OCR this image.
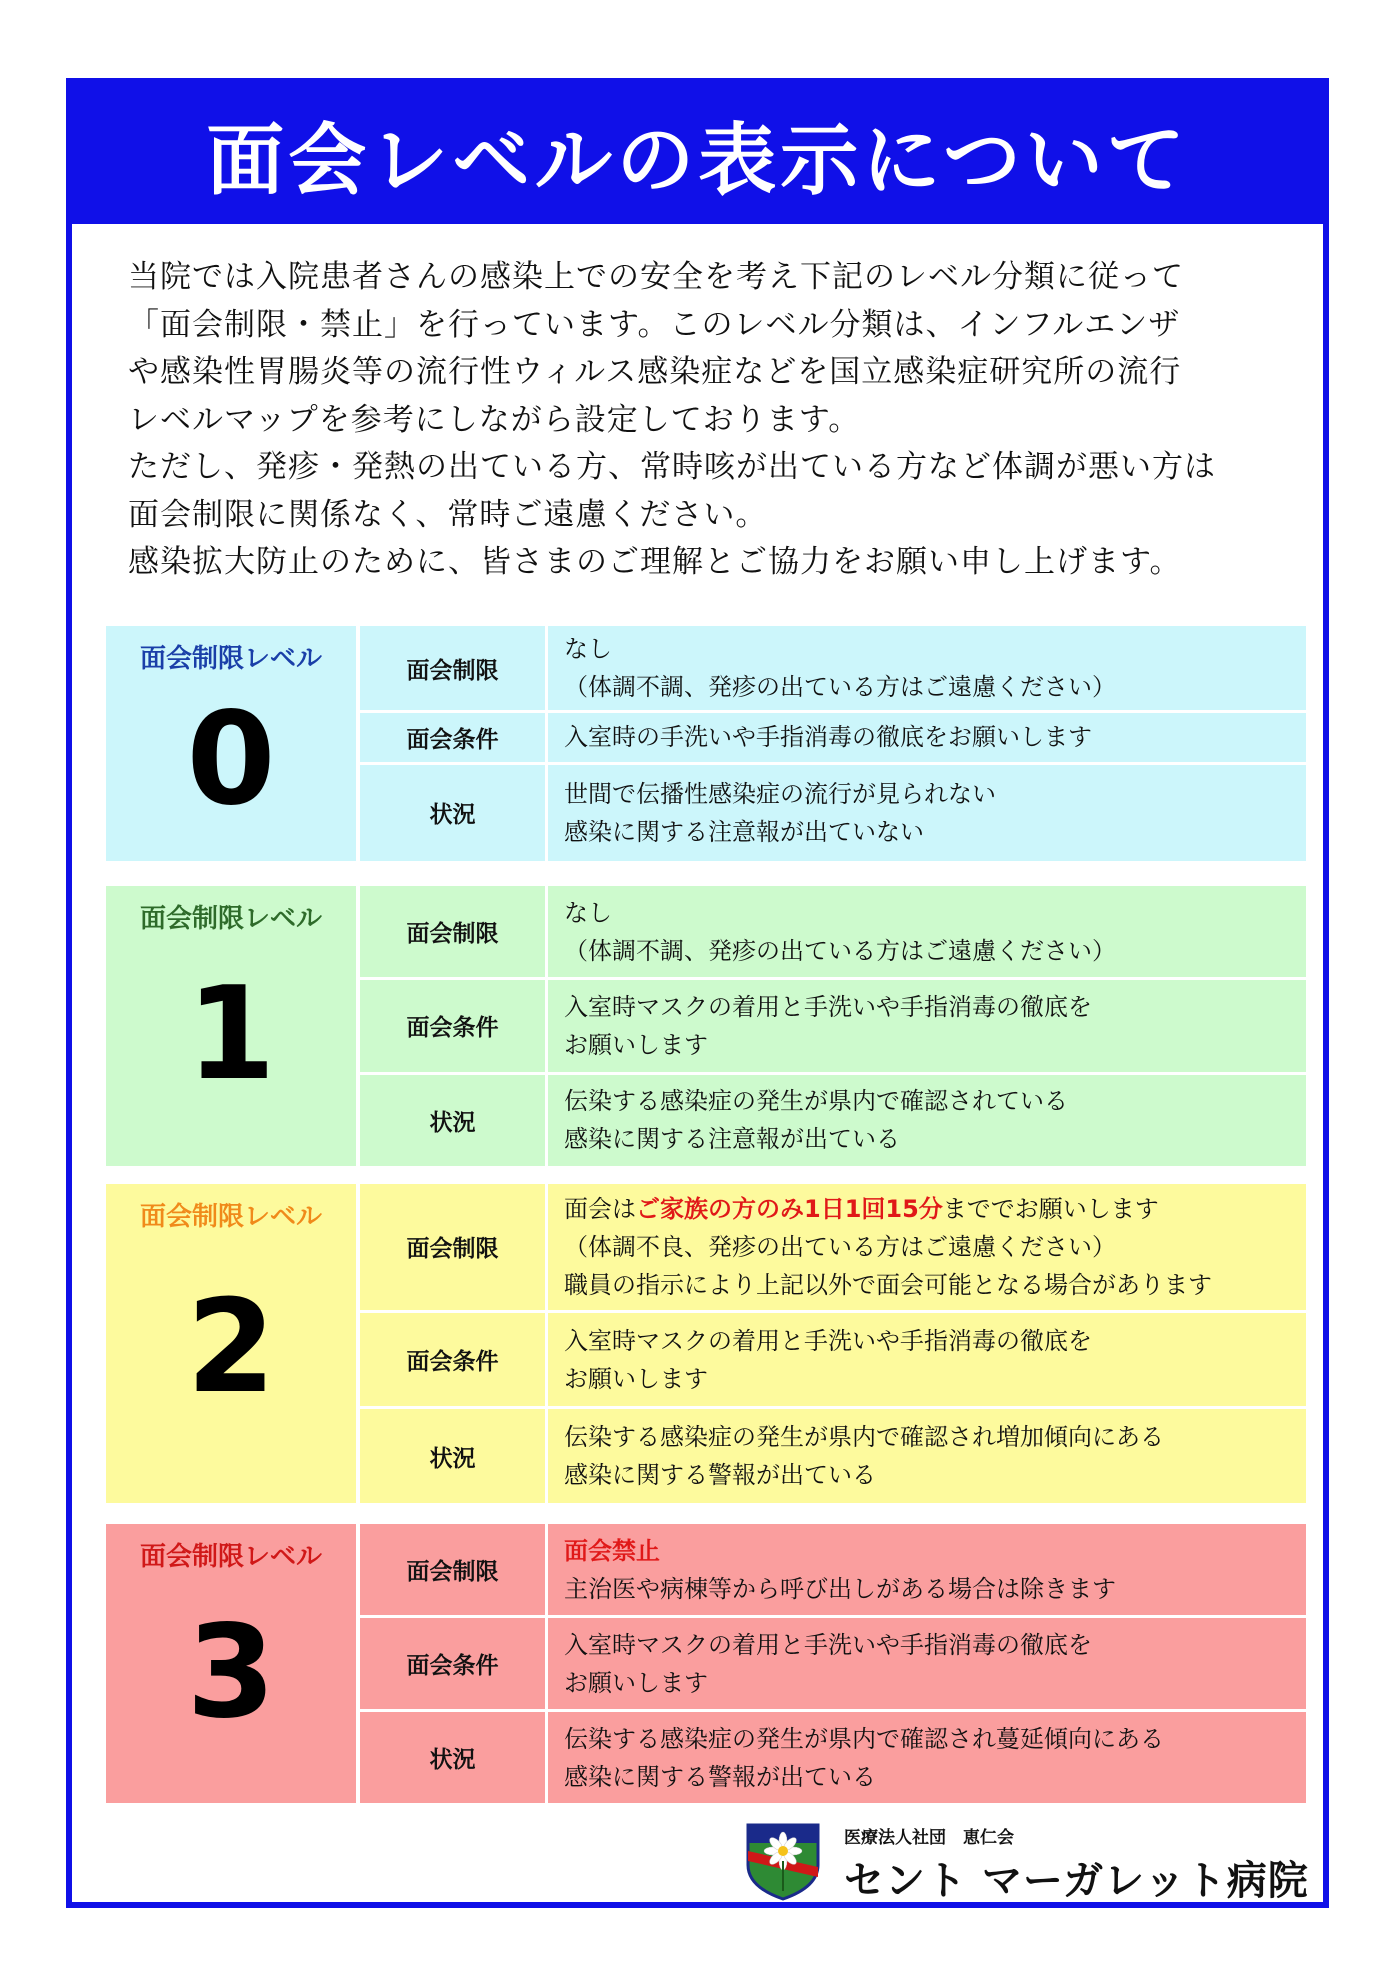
面会レベルの表示について

当院では入院患者さんの感染上での安全を考え下記のレベル分類に従って

「面会制限・禁止」を行っています。このレベル分類は、インフルエンザ

や感染性胃腸炎等の流行性ウィルス感染症などを国立感染症研究所の流行

レベルマップを参考にしながら設定しております。

ただし、発疹・発熱の出ている方、常時咳が出ている方など体調が悪い方は

面会制限に関係なく、常時ご遠慮ください。

感染拡大防止のために、皆さまのご理解とご協力をお願い申し上げます。

面会制限レベル
0
面会制限
なし
（体調不調、発疹の出ている方はご遠慮ください）
面会条件	入室時の手洗いや手指消毒の徹底をお願いします
状況
世間で伝播性感染症の流行が見られない
感染に関する注意報が出ていない
面会制限レベル
1
面会制限
なし
（体調不調、発疹の出ている方はご遠慮ください）
面会条件
入室時マスクの着用と手洗いや手指消毒の徹底を
お願いします
状況
伝染する感染症の発生が県内で確認されている
感染に関する注意報が出ている
面会制限レベル
2
面会制限
面会はご家族の方のみ1日1回15分まででお願いします
（体調不良、発疹の出ている方はご遠慮ください）
職員の指示により上記以外で面会可能となる場合があります
面会条件
入室時マスクの着用と手洗いや手指消毒の徹底を
お願いします
状況
伝染する感染症の発生が県内で確認され増加傾向にある
感染に関する警報が出ている
面会制限レベル
3
面会制限
面会禁止
主治医や病棟等から呼び出しがある場合は除きます
面会条件
入室時マスクの着用と手洗いや手指消毒の徹底を
お願いします
状況
伝染する感染症の発生が県内で確認され蔓延傾向にある
感染に関する警報が出ている
医療法人社団　恵仁会
セント マーガレット病院
